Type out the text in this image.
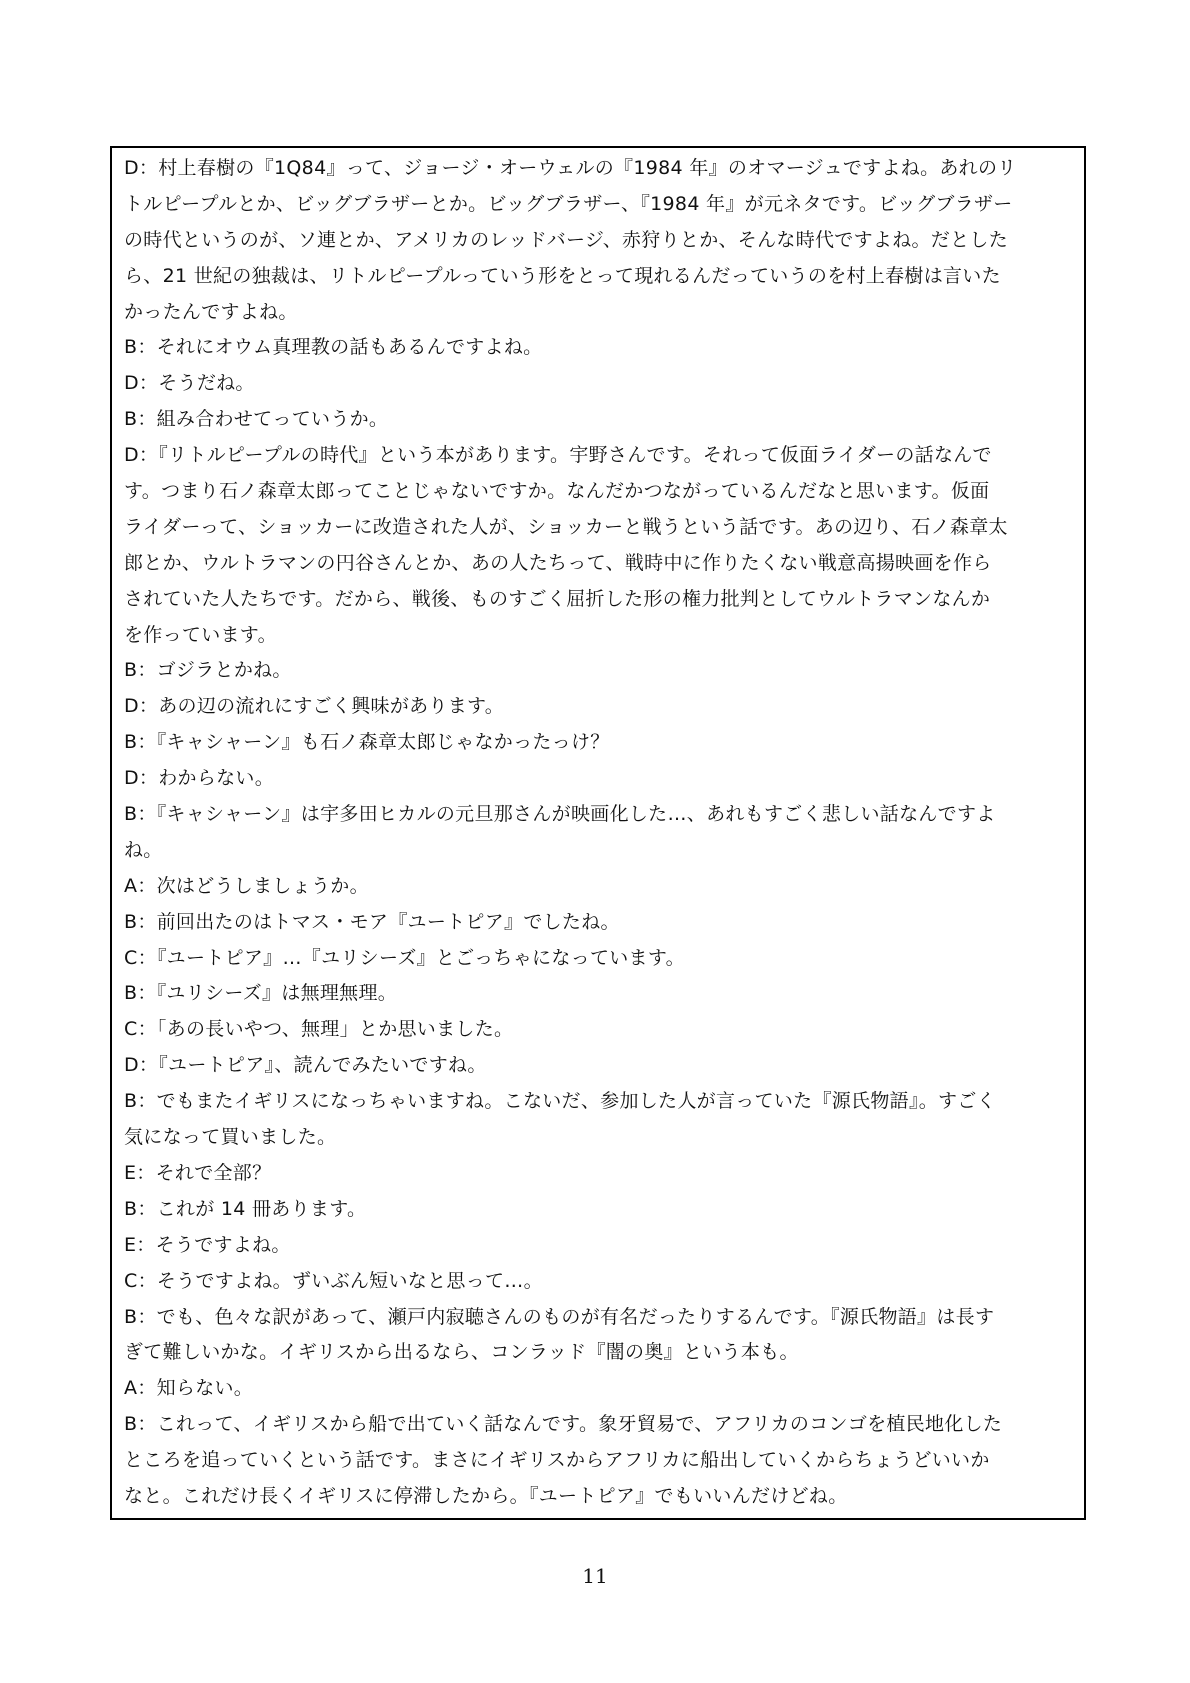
D：村上春樹の『1Q84』って、ジョージ・オーウェルの『1984 年』のオマージュですよね。あれのリ
トルピープルとか、ビッグブラザーとか。ビッグブラザー、『1984 年』が元ネタです。ビッグブラザー
の時代というのが、ソ連とか、アメリカのレッドバージ、赤狩りとか、そんな時代ですよね。だとした
ら、21 世紀の独裁は、リトルピープルっていう形をとって現れるんだっていうのを村上春樹は言いた
かったんですよね。
B：それにオウム真理教の話もあるんですよね。
D：そうだね。
B：組み合わせてっていうか。
D：『リトルピープルの時代』という本があります。宇野さんです。それって仮面ライダーの話なんで
す。つまり石ノ森章太郎ってことじゃないですか。なんだかつながっているんだなと思います。仮面
ライダーって、ショッカーに改造された人が、ショッカーと戦うという話です。あの辺り、石ノ森章太
郎とか、ウルトラマンの円谷さんとか、あの人たちって、戦時中に作りたくない戦意高揚映画を作ら
されていた人たちです。だから、戦後、ものすごく屈折した形の権力批判としてウルトラマンなんか
を作っています。
B：ゴジラとかね。
D：あの辺の流れにすごく興味があります。
B：『キャシャーン』も石ノ森章太郎じゃなかったっけ？
D：わからない。
B：『キャシャーン』は宇多田ヒカルの元旦那さんが映画化した…、あれもすごく悲しい話なんですよ
ね。
A：次はどうしましょうか。
B：前回出たのはトマス・モア『ユートピア』でしたね。
C：『ユートピア』…『ユリシーズ』とごっちゃになっています。
B：『ユリシーズ』は無理無理。
C：「あの長いやつ、無理」とか思いました。
D：『ユートピア』、読んでみたいですね。
B：でもまたイギリスになっちゃいますね。こないだ、参加した人が言っていた『源氏物語』。すごく
気になって買いました。
E：それで全部？
B：これが 14 冊あります。
E：そうですよね。
C：そうですよね。ずいぶん短いなと思って…。
B：でも、色々な訳があって、瀬戸内寂聴さんのものが有名だったりするんです。『源氏物語』は長す
ぎて難しいかな。イギリスから出るなら、コンラッド『闇の奥』という本も。
A：知らない。
B：これって、イギリスから船で出ていく話なんです。象牙貿易で、アフリカのコンゴを植民地化した
ところを追っていくという話です。まさにイギリスからアフリカに船出していくからちょうどいいか
なと。これだけ長くイギリスに停滞したから。『ユートピア』でもいいんだけどね。
11
